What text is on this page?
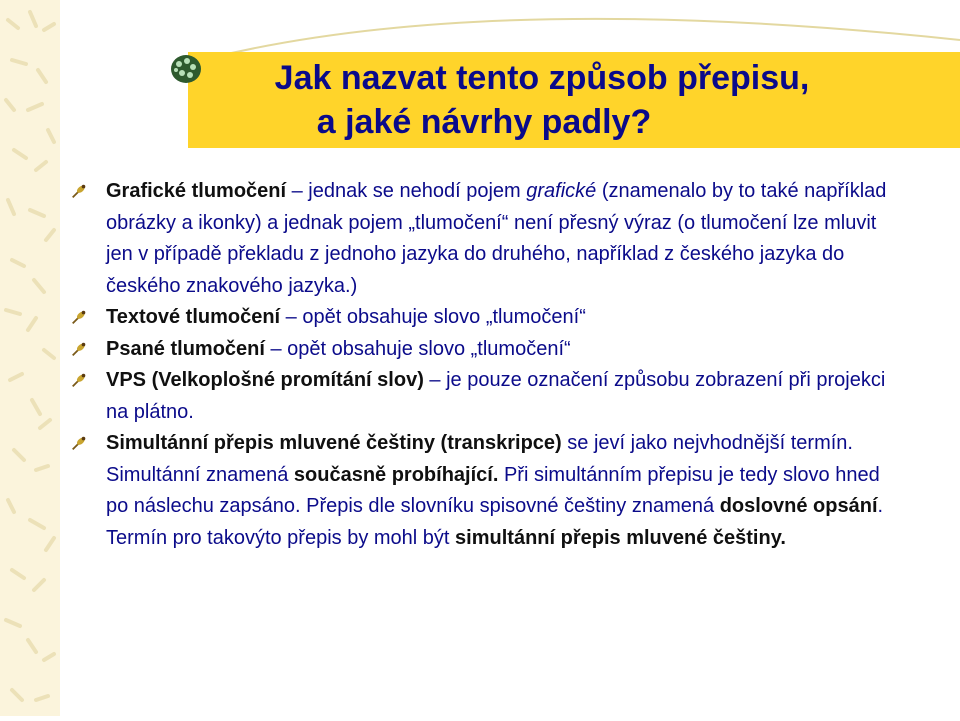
Jak nazvat tento způsob přepisu,
a jaké návrhy padly?

Grafické tlumočení – jednak se nehodí pojem grafické (znamenalo by to také například obrázky a ikonky) a jednak pojem „tlumočení“ není přesný výraz (o tlumočení lze mluvit jen v případě překladu z jednoho jazyka do druhého, například z českého jazyka do českého znakového jazyka.)

Textové tlumočení – opět obsahuje slovo „tlumočení“

Psané tlumočení – opět obsahuje slovo „tlumočení“

VPS (Velkoplošné promítání slov) – je pouze označení způsobu zobrazení při projekci na plátno.

Simultánní přepis mluvené češtiny (transkripce) se jeví jako nejvhodnější termín. Simultánní znamená současně probíhající. Při simultánním přepisu je tedy slovo hned po náslechu zapsáno. Přepis dle slovníku spisovné češtiny znamená doslovné opsání. Termín pro takovýto přepis by mohl být simultánní přepis mluvené češtiny.
